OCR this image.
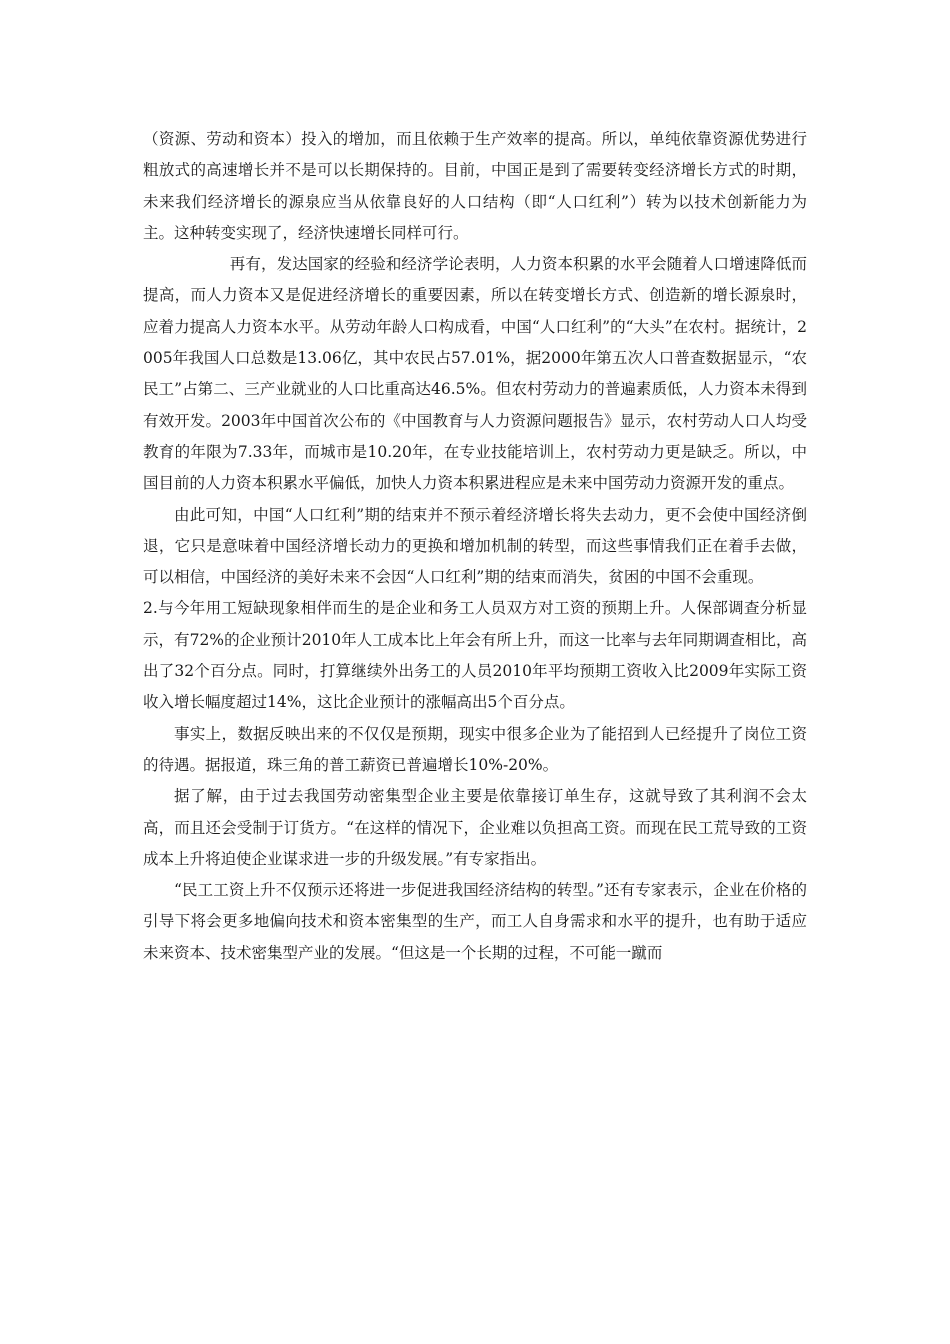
（资源、劳动和资本）投入的增加，而且依赖于生产效率的提高。所以，单纯依靠资源优势进行粗放式的高速增长并不是可以长期保持的。目前，中国正是到了需要转变经济增长方式的时期，未来我们经济增长的源泉应当从依靠良好的人口结构（即“人口红利”）转为以技术创新能力为主。这种转变实现了，经济快速增长同样可行。

再有，发达国家的经验和经济学论表明，人力资本积累的水平会随着人口增速降低而提高，而人力资本又是促进经济增长的重要因素，所以在转变增长方式、创造新的增长源泉时，应着力提高人力资本水平。从劳动年龄人口构成看，中国“人口红利”的“大头”在农村。据统计，2005年我国人口总数是13.06亿，其中农民占57.01%，据2000年第五次人口普查数据显示，“农民工”占第二、三产业就业的人口比重高达46.5%。但农村劳动力的普遍素质低，人力资本未得到有效开发。2003年中国首次公布的《中国教育与人力资源问题报告》显示，农村劳动人口人均受教育的年限为7.33年，而城市是10.20年，在专业技能培训上，农村劳动力更是缺乏。所以，中国目前的人力资本积累水平偏低，加快人力资本积累进程应是未来中国劳动力资源开发的重点。

由此可知，中国“人口红利”期的结束并不预示着经济增长将失去动力，更不会使中国经济倒退，它只是意味着中国经济增长动力的更换和增加机制的转型，而这些事情我们正在着手去做，可以相信，中国经济的美好未来不会因“人口红利”期的结束而消失，贫困的中国不会重现。

2.与今年用工短缺现象相伴而生的是企业和务工人员双方对工资的预期上升。人保部调查分析显示，有72%的企业预计2010年人工成本比上年会有所上升，而这一比率与去年同期调查相比，高出了32个百分点。同时，打算继续外出务工的人员2010年平均预期工资收入比2009年实际工资收入增长幅度超过14%，这比企业预计的涨幅高出5个百分点。

事实上，数据反映出来的不仅仅是预期，现实中很多企业为了能招到人已经提升了岗位工资的待遇。据报道，珠三角的普工薪资已普遍增长10%-20%。

据了解，由于过去我国劳动密集型企业主要是依靠接订单生存，这就导致了其利润不会太高，而且还会受制于订货方。“在这样的情况下，企业难以负担高工资。而现在民工荒导致的工资成本上升将迫使企业谋求进一步的升级发展。”有专家指出。

“民工工资上升不仅预示还将进一步促进我国经济结构的转型。”还有专家表示，企业在价格的引导下将会更多地偏向技术和资本密集型的生产，而工人自身需求和水平的提升，也有助于适应未来资本、技术密集型产业的发展。“但这是一个长期的过程，不可能一蹴而
